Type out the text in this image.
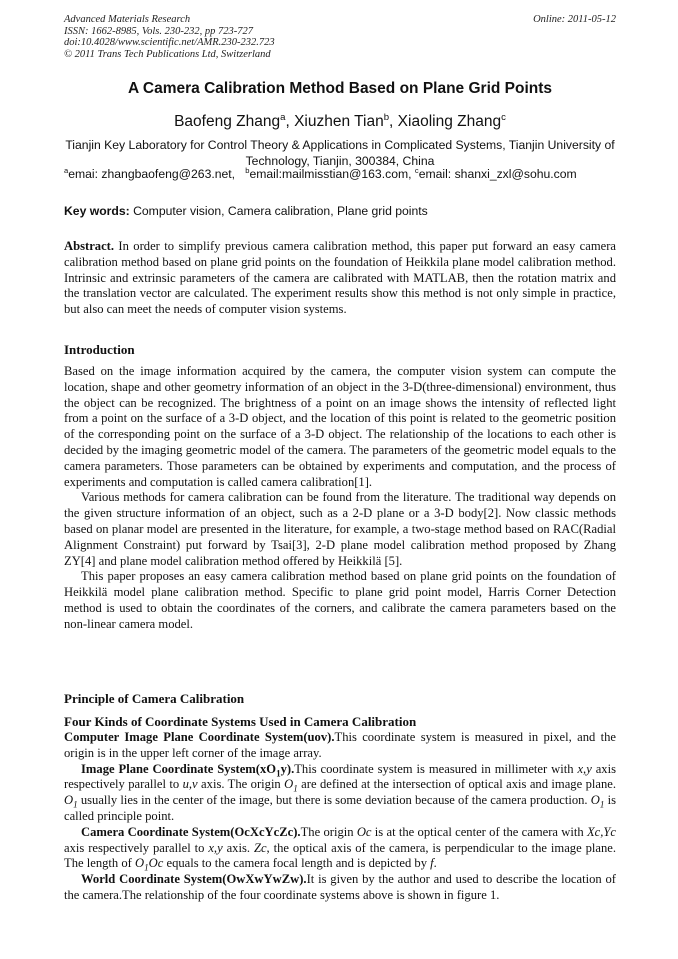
Advanced Materials Research
ISSN: 1662-8985, Vols. 230-232, pp 723-727
doi:10.4028/www.scientific.net/AMR.230-232.723
© 2011 Trans Tech Publications Ltd, Switzerland
Online: 2011-05-12
A Camera Calibration Method Based on Plane Grid Points
Baofeng Zhang$^a$, Xiuzhen Tian$^b$, Xiaoling Zhang$^c$
Tianjin Key Laboratory for Control Theory & Applications in Complicated Systems, Tianjin University of Technology, Tianjin, 300384, China
$^a$emai: zhangbaofeng@263.net, $^b$email:mailmisstian@163.com, $^c$email: shanxi_zxl@sohu.com
Key words: Computer vision, Camera calibration, Plane grid points
Abstract. In order to simplify previous camera calibration method, this paper put forward an easy camera calibration method based on plane grid points on the foundation of Heikkila plane model calibration method. Intrinsic and extrinsic parameters of the camera are calibrated with MATLAB, then the rotation matrix and the translation vector are calculated. The experiment results show this method is not only simple in practice, but also can meet the needs of computer vision systems.
Introduction

Based on the image information acquired by the camera, the computer vision system can compute the location, shape and other geometry information of an object in the 3-D(three-dimensional) environment, thus the object can be recognized. The brightness of a point on an image shows the intensity of reflected light from a point on the surface of a 3-D object, and the location of this point is related to the geometric position of the corresponding point on the surface of a 3-D object. The relationship of the locations to each other is decided by the imaging geometric model of the camera. The parameters of the geometric model equals to the camera parameters. Those parameters can be obtained by experiments and computation, and the process of experiments and computation is called camera calibration[1].

Various methods for camera calibration can be found from the literature. The traditional way depends on the given structure information of an object, such as a 2-D plane or a 3-D body[2]. Now classic methods based on planar model are presented in the literature, for example, a two-stage method based on RAC(Radial Alignment Constraint) put forward by Tsai[3], 2-D plane model calibration method proposed by Zhang ZY[4] and plane model calibration method offered by Heikkilä [5].

This paper proposes an easy camera calibration method based on plane grid points on the foundation of Heikkilä model plane calibration method. Specific to plane grid point model, Harris Corner Detection method is used to obtain the coordinates of the corners, and calibrate the camera parameters based on the non-linear camera model.

Principle of Camera Calibration
Four Kinds of Coordinate Systems Used in Camera Calibration

Computer Image Plane Coordinate System(uov).This coordinate system is measured in pixel, and the origin is in the upper left corner of the image array.

Image Plane Coordinate $System(xO_1y).This$ coordinate system is measured in millimeter with x,y axis respectively parallel to u,v axis. The origin $O_1$ are defined at the intersection of optical axis and image plane. $O_1$ usually lies in the center of the image, but there is some deviation because of the camera production. $O_1$ is called principle point.

Camera Coordinate System(OcXcYcZc).The origin Oc is at the optical center of the camera with Xc,Yc axis respectively parallel to x,y axis. Zc, the optical axis of the camera, is perpendicular to the image plane. The length of $O_1Oc$ equals to the camera focal length and is depicted by f.

World Coordinate System(OwXwYwZw).It is given by the author and used to describe the location of the camera.The relationship of the four coordinate systems above is shown in figure 1.
